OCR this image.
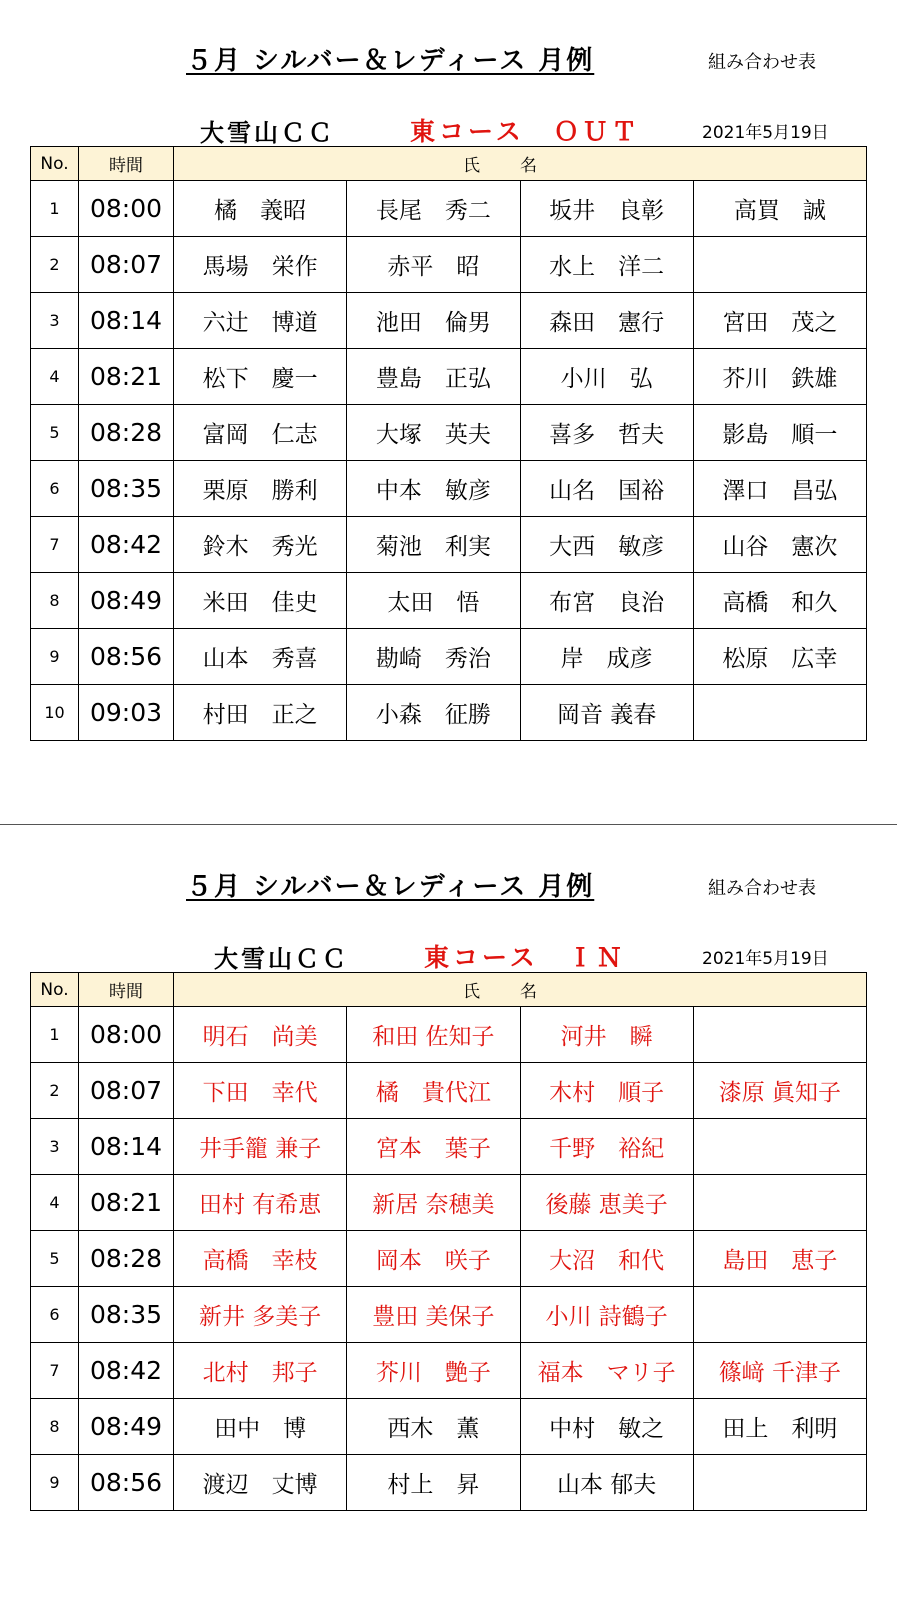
５月 シルバー＆レディース 月例	組み合わせ表
大雪山ＣＣ	東コース　ＯＵＴ	2021年5月19日
No.	時間	氏名			
1	08:00	橘　義昭	長尾　秀二	坂井　良彰	高買　誠
2	08:07	馬場　栄作	赤平　昭	水上　洋二	
3	08:14	六辻　博道	池田　倫男	森田　憲行	宮田　茂之
4	08:21	松下　慶一	豊島　正弘	小川　弘	芥川　鉄雄
5	08:28	富岡　仁志	大塚　英夫	喜多　哲夫	影島　順一
6	08:35	栗原　勝利	中本　敏彦	山名　国裕	澤口　昌弘
7	08:42	鈴木　秀光	菊池　利実	大西　敏彦	山谷　憲次
8	08:49	米田　佳史	太田　悟	布宮　良治	高橋　和久
9	08:56	山本　秀喜	勘崎　秀治	岸　成彦	松原　広幸
10	09:03	村田　正之	小森　征勝	岡音 義春	
５月 シルバー＆レディース 月例	組み合わせ表
大雪山ＣＣ	東コース　ＩＮ	2021年5月19日
No.	時間	氏名			
1	08:00	明石　尚美	和田 佐知子	河井　瞬	
2	08:07	下田　幸代	橘　貴代江	木村　順子	漆原 眞知子
3	08:14	井手籠 兼子	宮本　葉子	千野　裕紀	
4	08:21	田村 有希恵	新居 奈穂美	後藤 恵美子	
5	08:28	高橋　幸枝	岡本　咲子	大沼　和代	島田　恵子
6	08:35	新井 多美子	豊田 美保子	小川 詩鶴子	
7	08:42	北村　邦子	芥川　艶子	福本　マリ子	篠﨑 千津子
8	08:49	田中　博	西木　薫	中村　敏之	田上　利明
9	08:56	渡辺　丈博	村上　昇	山本 郁夫	
